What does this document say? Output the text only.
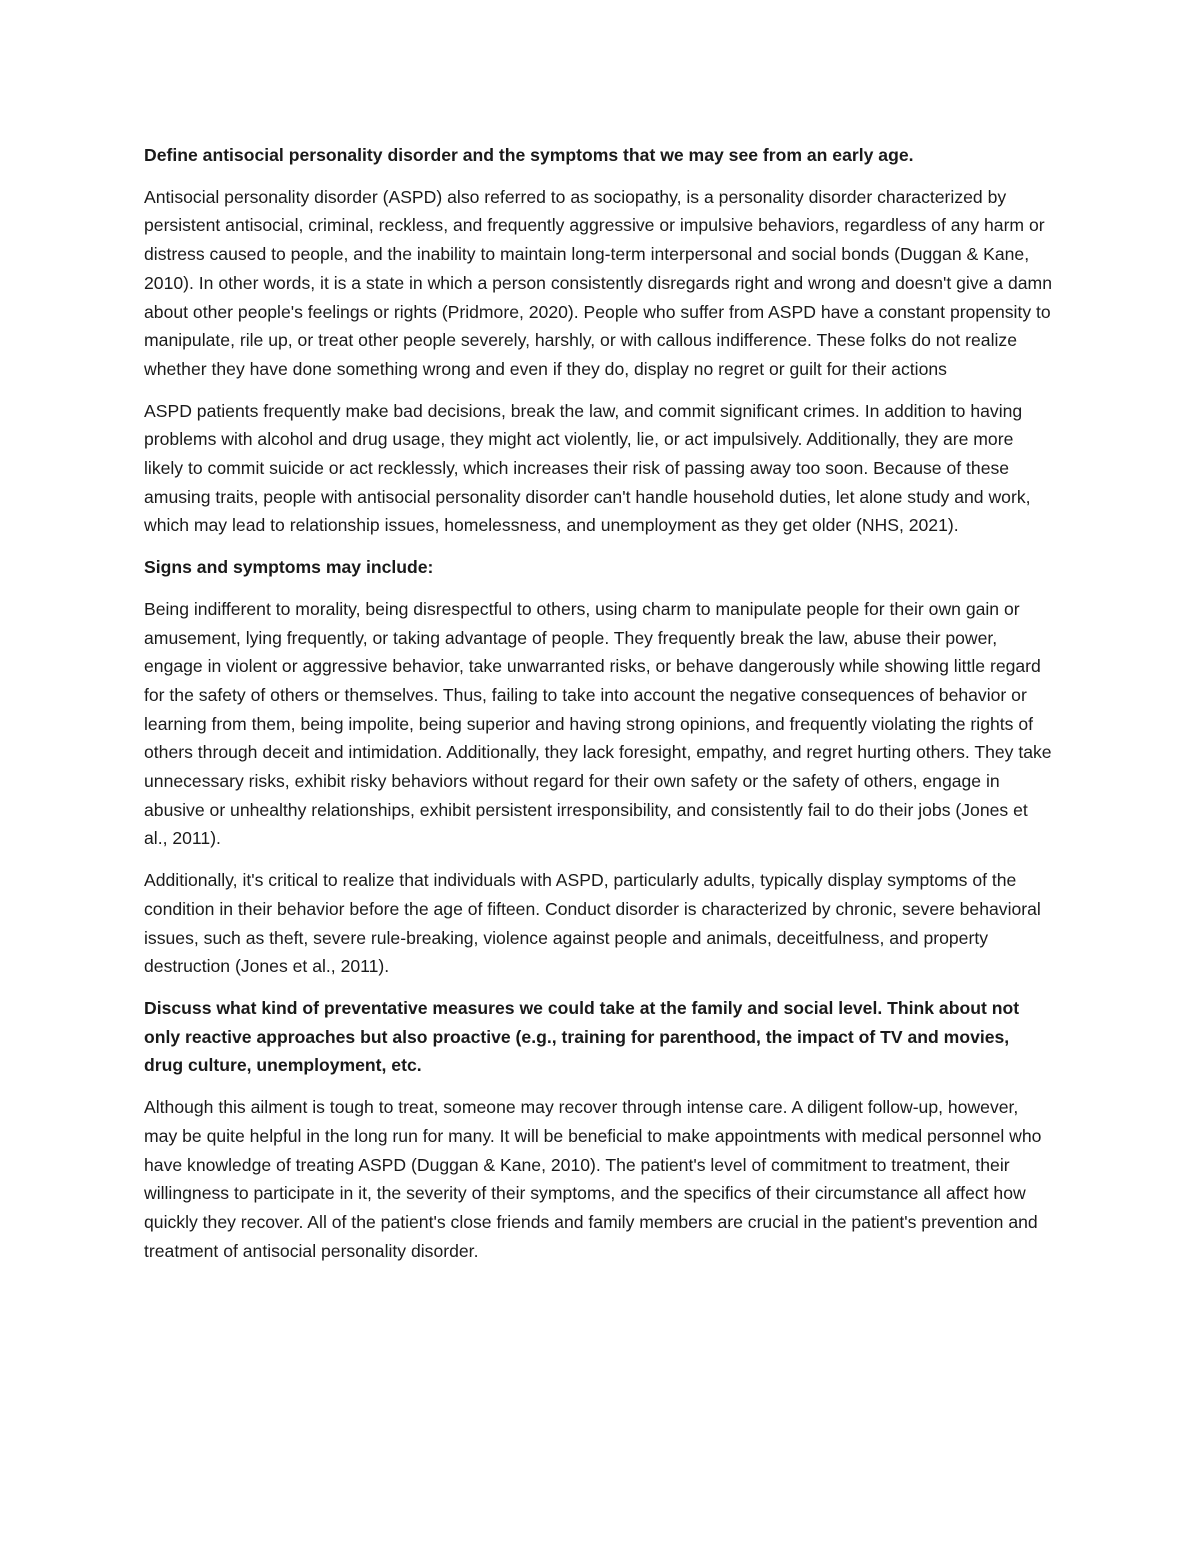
Define antisocial personality disorder and the symptoms that we may see from an early age.

Antisocial personality disorder (ASPD) also referred to as sociopathy, is a personality disorder characterized by persistent antisocial, criminal, reckless, and frequently aggressive or impulsive behaviors, regardless of any harm or distress caused to people, and the inability to maintain long-term interpersonal and social bonds (Duggan & Kane, 2010). In other words, it is a state in which a person consistently disregards right and wrong and doesn't give a damn about other people's feelings or rights (Pridmore, 2020). People who suffer from ASPD have a constant propensity to manipulate, rile up, or treat other people severely, harshly, or with callous indifference. These folks do not realize whether they have done something wrong and even if they do, display no regret or guilt for their actions

ASPD patients frequently make bad decisions, break the law, and commit significant crimes. In addition to having problems with alcohol and drug usage, they might act violently, lie, or act impulsively. Additionally, they are more likely to commit suicide or act recklessly, which increases their risk of passing away too soon. Because of these amusing traits, people with antisocial personality disorder can't handle household duties, let alone study and work, which may lead to relationship issues, homelessness, and unemployment as they get older (NHS, 2021).

Signs and symptoms may include:

Being indifferent to morality, being disrespectful to others, using charm to manipulate people for their own gain or amusement, lying frequently, or taking advantage of people. They frequently break the law, abuse their power, engage in violent or aggressive behavior, take unwarranted risks, or behave dangerously while showing little regard for the safety of others or themselves. Thus, failing to take into account the negative consequences of behavior or learning from them, being impolite, being superior and having strong opinions, and frequently violating the rights of others through deceit and intimidation. Additionally, they lack foresight, empathy, and regret hurting others. They take unnecessary risks, exhibit risky behaviors without regard for their own safety or the safety of others, engage in abusive or unhealthy relationships, exhibit persistent irresponsibility, and consistently fail to do their jobs (Jones et al., 2011).

Additionally, it's critical to realize that individuals with ASPD, particularly adults, typically display symptoms of the condition in their behavior before the age of fifteen. Conduct disorder is characterized by chronic, severe behavioral issues, such as theft, severe rule-breaking, violence against people and animals, deceitfulness, and property destruction (Jones et al., 2011).

Discuss what kind of preventative measures we could take at the family and social level. Think about not only reactive approaches but also proactive (e.g., training for parenthood, the impact of TV and movies, drug culture, unemployment, etc.

Although this ailment is tough to treat, someone may recover through intense care. A diligent follow-up, however, may be quite helpful in the long run for many. It will be beneficial to make appointments with medical personnel who have knowledge of treating ASPD (Duggan & Kane, 2010). The patient's level of commitment to treatment, their willingness to participate in it, the severity of their symptoms, and the specifics of their circumstance all affect how quickly they recover. All of the patient's close friends and family members are crucial in the patient's prevention and treatment of antisocial personality disorder.
